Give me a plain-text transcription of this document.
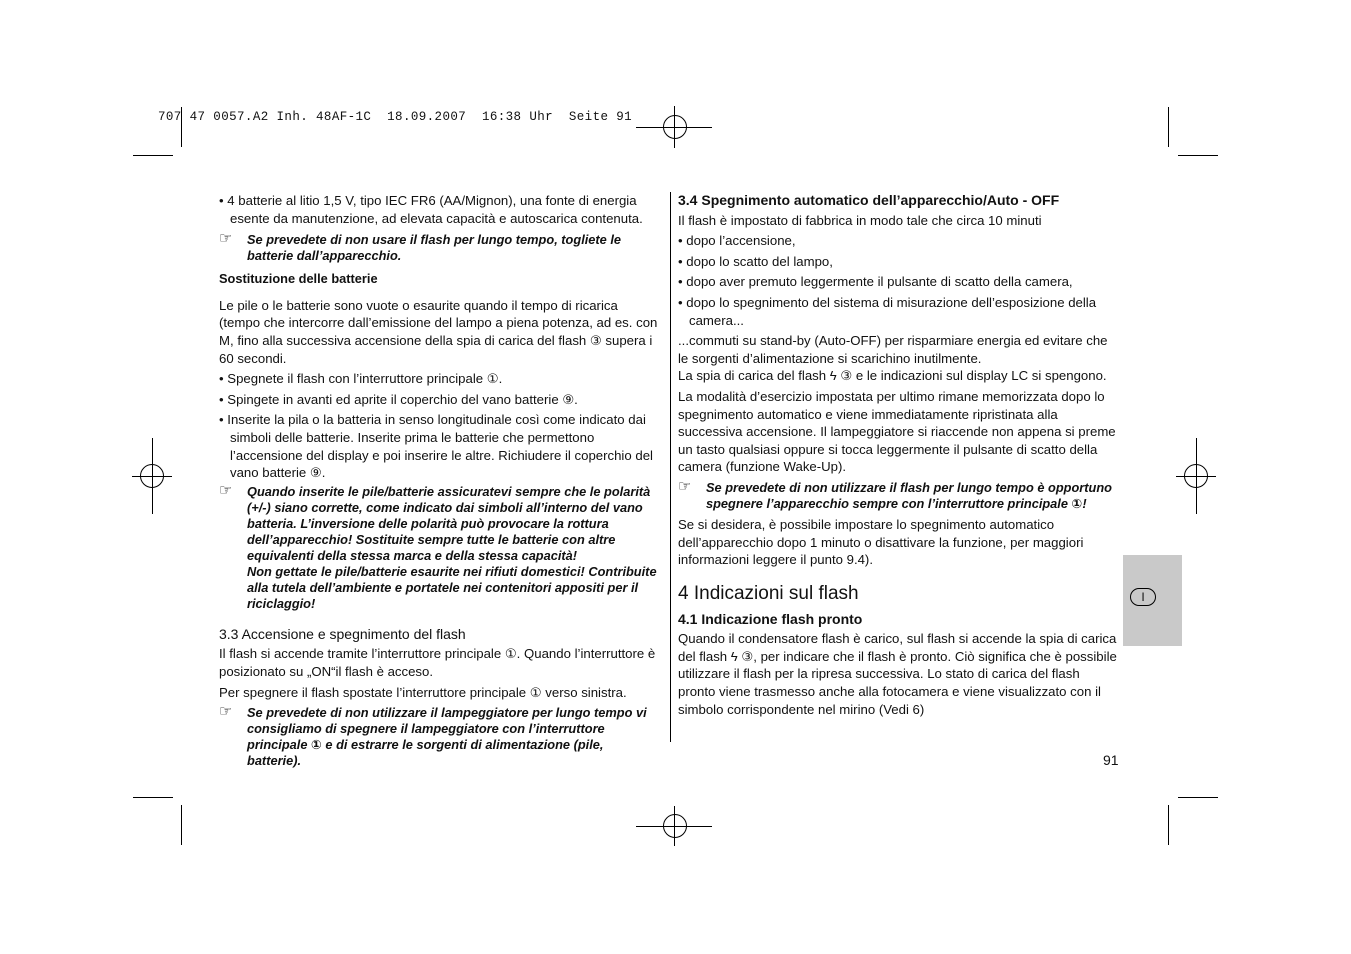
707 47 0057.A2 Inh. 48AF-1C  18.09.2007  16:38 Uhr  Seite 91

• 4 batterie al litio 1,5 V, tipo IEC FR6 (AA/Mignon), una fonte di energia esente da manutenzione, ad elevata capacità e autoscarica contenuta.

☞ Se prevedete di non usare il flash per lungo tempo, togliete le batterie dall’apparecchio.

Sostituzione delle batterie

Le pile o le batterie sono vuote o esaurite quando il tempo di ricarica (tempo che intercorre dall’emissione del lampo a piena potenza, ad es. con M, fino alla successiva accensione della spia di carica del flash ③ supera i 60 secondi.

• Spegnete il flash con l’interruttore principale ①.

• Spingete in avanti ed aprite il coperchio del vano batterie ⑨.

• Inserite la pila o la batteria in senso longitudinale così come indicato dai simboli delle batterie. Inserite prima le batterie che permettono l’accensione del display e poi inserire le altre. Richiudere il coperchio del vano batterie ⑨.

☞ Quando inserite le pile/batterie assicuratevi sempre che le polarità (+/-) siano corrette, come indicato dai simboli all’interno del vano batteria. L’inversione delle polarità può provocare la rottura dell’apparecchio! Sostituite sempre tutte le batterie con altre equivalenti della stessa marca e della stessa capacità!
Non gettate le pile/batterie esaurite nei rifiuti domestici! Contribuite alla tutela dell’ambiente e portatele nei contenitori appositi per il riciclaggio!

3.3 Accensione e spegnimento del flash

Il flash si accende tramite l’interruttore principale ①. Quando l’interruttore è posizionato su „ON“il flash è acceso.

Per spegnere il flash spostate l’interruttore principale ① verso sinistra.

☞ Se prevedete di non utilizzare il lampeggiatore per lungo tempo vi consigliamo di spegnere il lampeggiatore con l’interruttore principale ① e di estrarre le sorgenti di alimentazione (pile, batterie).

3.4 Spegnimento automatico dell’apparecchio/Auto - OFF

Il flash è impostato di fabbrica in modo tale che circa 10 minuti

• dopo l’accensione,

• dopo lo scatto del lampo,

• dopo aver premuto leggermente il pulsante di scatto della camera,

• dopo lo spegnimento del sistema di misurazione dell’esposizione della camera...

...commuti su stand-by (Auto-OFF) per risparmiare energia ed evitare che le sorgenti d’alimentazione si scarichino inutilmente.

La spia di carica del flash ϟ ③ e le indicazioni sul display LC si spengono.

La modalità d’esercizio impostata per ultimo rimane memorizzata dopo lo spegnimento automatico e viene immediatamente ripristinata alla successiva accensione. Il lampeggiatore si riaccende non appena si preme un tasto qualsiasi oppure si tocca leggermente il pulsante di scatto della camera (funzione Wake-Up).

☞ Se prevedete di non utilizzare il flash per lungo tempo è opportuno spegnere l’apparecchio sempre con l’interruttore principale ①!

Se si desidera, è possibile impostare lo spegnimento automatico dell’apparecchio dopo 1 minuto o disattivare la funzione, per maggiori informazioni leggere il punto 9.4).

4 Indicazioni sul flash

4.1 Indicazione flash pronto

Quando il condensatore flash è carico, sul flash si accende la spia di carica del flash ϟ ③, per indicare che il flash è pronto. Ciò significa che è possibile utilizzare il flash per la ripresa successiva. Lo stato di carica del flash pronto viene trasmesso anche alla fotocamera e viene visualizzato con il simbolo corrispondente nel mirino (Vedi 6)

I
91
